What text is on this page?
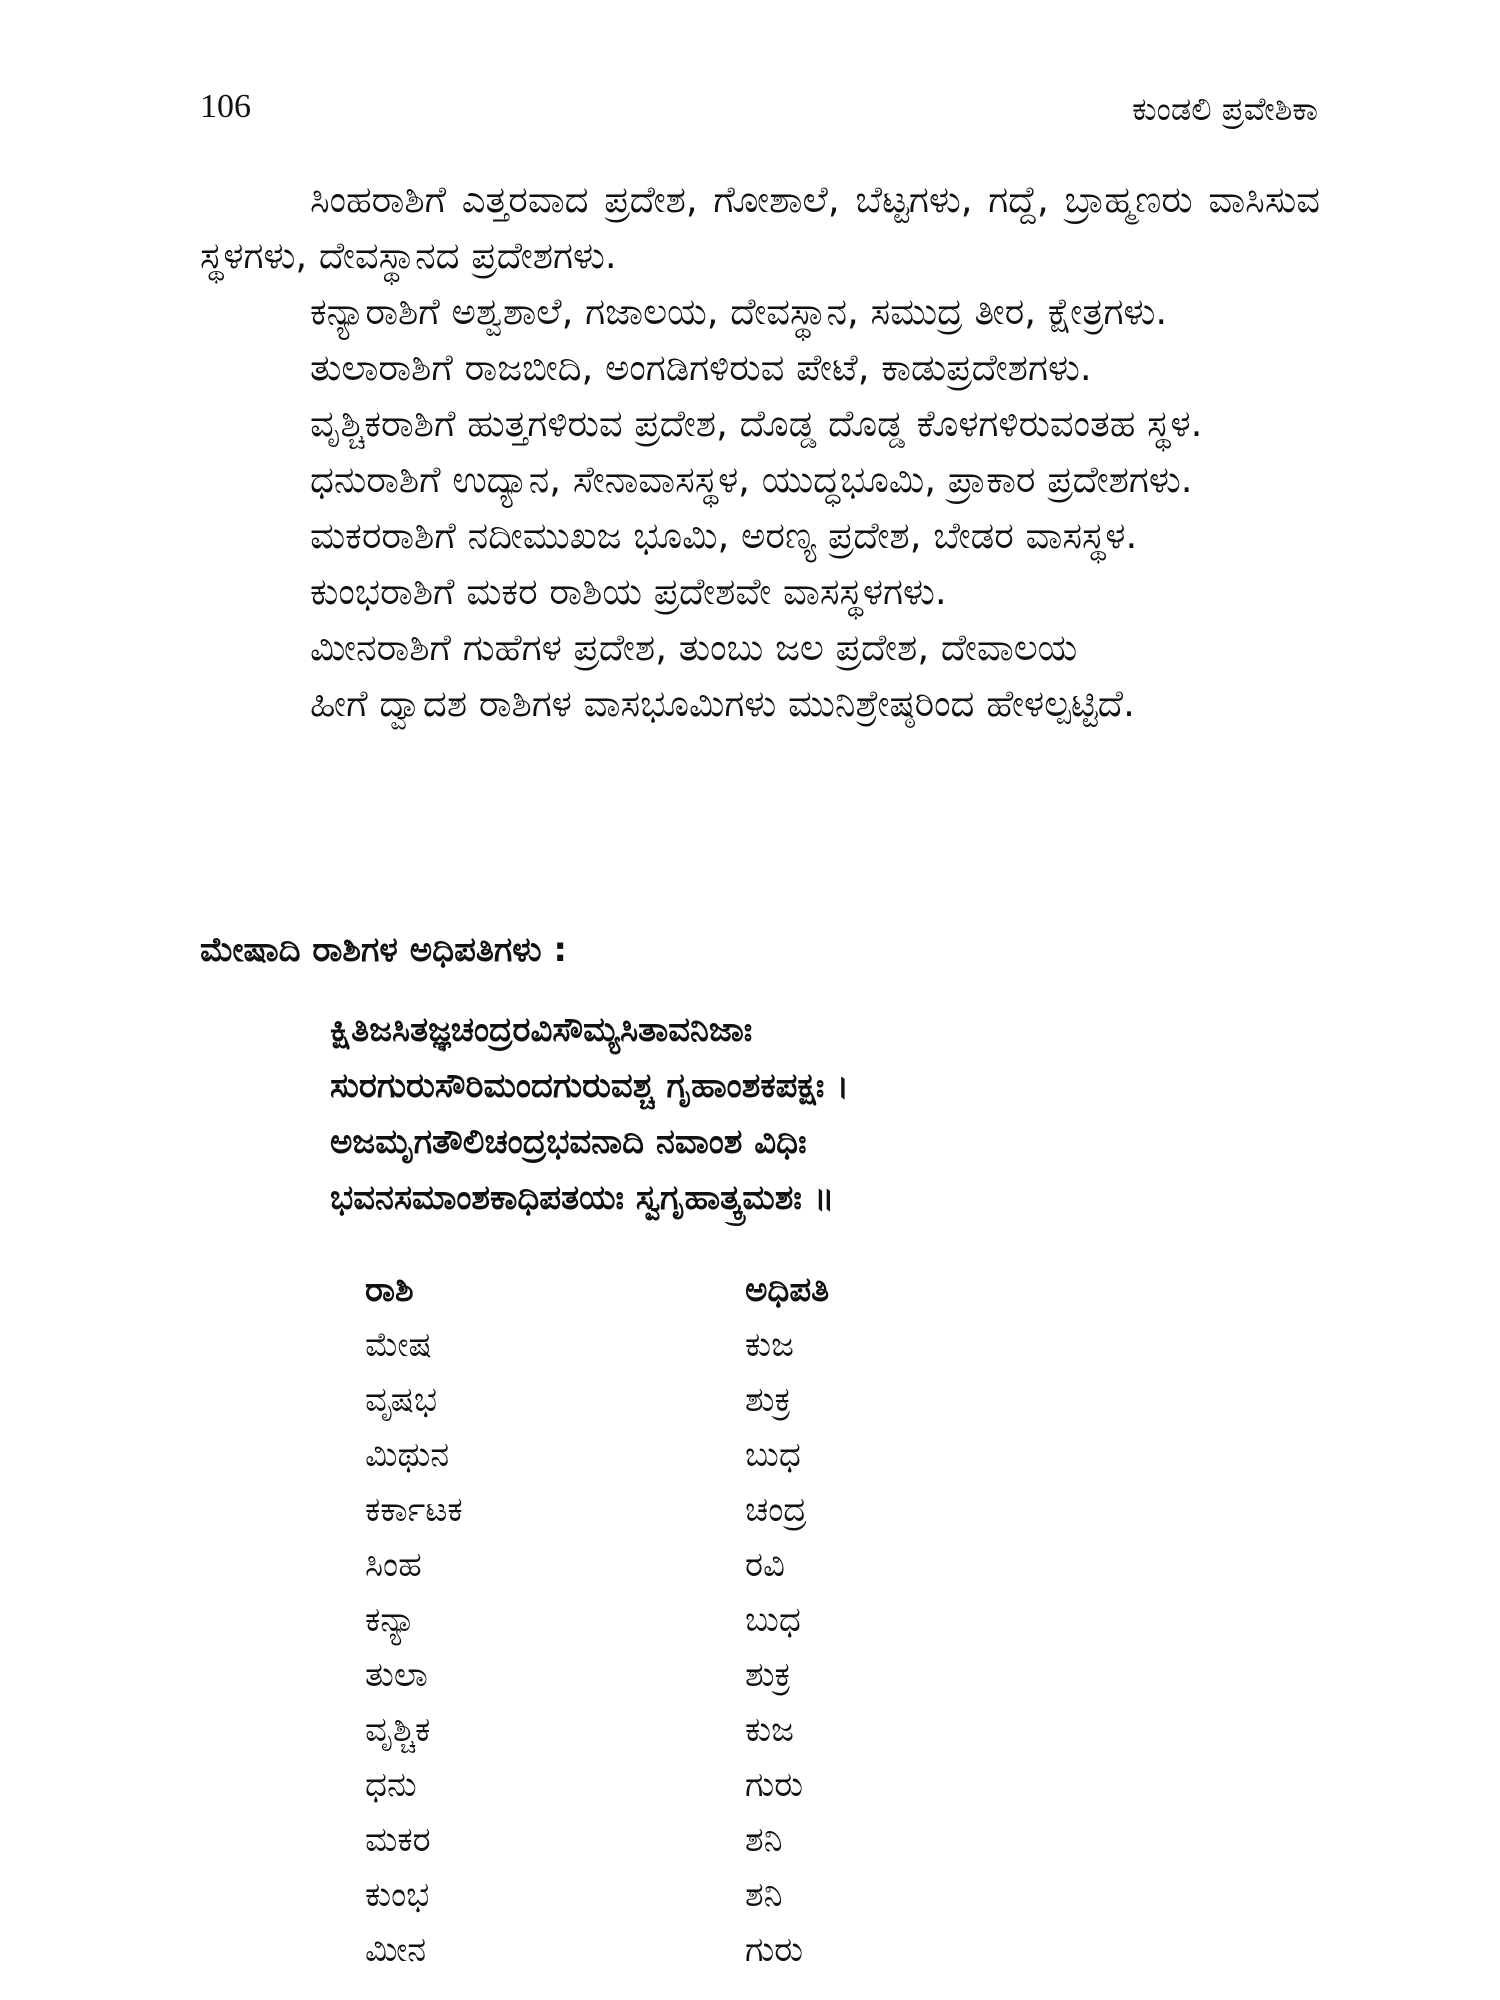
106	ಕುಂಡಲಿ ಪ್ರವೇಶಿಕಾ

ಸಿಂಹರಾಶಿಗೆ ಎತ್ತರವಾದ ಪ್ರದೇಶ, ಗೋಶಾಲೆ, ಬೆಟ್ಟಗಳು, ಗದ್ದೆ, ಬ್ರಾಹ್ಮಣರು ವಾಸಿಸುವ ಸ್ಥಳಗಳು, ದೇವಸ್ಥಾನದ ಪ್ರದೇಶಗಳು.

ಕನ್ಯಾರಾಶಿಗೆ ಅಶ್ವಶಾಲೆ, ಗಜಾಲಯ, ದೇವಸ್ಥಾನ, ಸಮುದ್ರ ತೀರ, ಕ್ಷೇತ್ರಗಳು.

ತುಲಾರಾಶಿಗೆ ರಾಜಬೀದಿ, ಅಂಗಡಿಗಳಿರುವ ಪೇಟೆ, ಕಾಡುಪ್ರದೇಶಗಳು.

ವೃಶ್ಚಿಕರಾಶಿಗೆ ಹುತ್ತಗಳಿರುವ ಪ್ರದೇಶ, ದೊಡ್ಡ ದೊಡ್ಡ ಕೊಳಗಳಿರುವಂತಹ ಸ್ಥಳ.

ಧನುರಾಶಿಗೆ ಉದ್ಯಾನ, ಸೇನಾವಾಸಸ್ಥಳ, ಯುದ್ಧಭೂಮಿ, ಪ್ರಾಕಾರ ಪ್ರದೇಶಗಳು.

ಮಕರರಾಶಿಗೆ ನದೀಮುಖಜ ಭೂಮಿ, ಅರಣ್ಯ ಪ್ರದೇಶ, ಬೇಡರ ವಾಸಸ್ಥಳ.

ಕುಂಭರಾಶಿಗೆ ಮಕರ ರಾಶಿಯ ಪ್ರದೇಶವೇ ವಾಸಸ್ಥಳಗಳು.

ಮೀನರಾಶಿಗೆ ಗುಹೆಗಳ ಪ್ರದೇಶ, ತುಂಬು ಜಲ ಪ್ರದೇಶ, ದೇವಾಲಯ

ಹೀಗೆ ದ್ವಾದಶ ರಾಶಿಗಳ ವಾಸಭೂಮಿಗಳು ಮುನಿಶ್ರೇಷ್ಠರಿಂದ ಹೇಳಲ್ಪಟ್ಟಿದೆ.

ಮೇಷಾದಿ ರಾಶಿಗಳ ಅಧಿಪತಿಗಳು :
ಕ್ಷಿತಿಜಸಿತಜ್ಞಚಂದ್ರರವಿಸೌಮ್ಯಸಿತಾವನಿಜಾಃ
ಸುರಗುರುಸೌರಿಮಂದಗುರುವಶ್ಚ ಗೃಹಾಂಶಕಪಕ್ಷಃ ।
ಅಜಮೃಗತೌಲಿಚಂದ್ರಭವನಾದಿ ನವಾಂಶ ವಿಧಿಃ
ಭವನಸಮಾಂಶಕಾಧಿಪತಯಃ ಸ್ವಗೃಹಾತ್ಕ್ರಮಶಃ ॥
ರಾಶಿ	ಅಧಿಪತಿ
ಮೇಷ	ಕುಜ
ವೃಷಭ	ಶುಕ್ರ
ಮಿಥುನ	ಬುಧ
ಕರ್ಕಾಟಕ	ಚಂದ್ರ
ಸಿಂಹ	ರವಿ
ಕನ್ಯಾ	ಬುಧ
ತುಲಾ	ಶುಕ್ರ
ವೃಶ್ಚಿಕ	ಕುಜ
ಧನು	ಗುರು
ಮಕರ	ಶನಿ
ಕುಂಭ	ಶನಿ
ಮೀನ	ಗುರು
